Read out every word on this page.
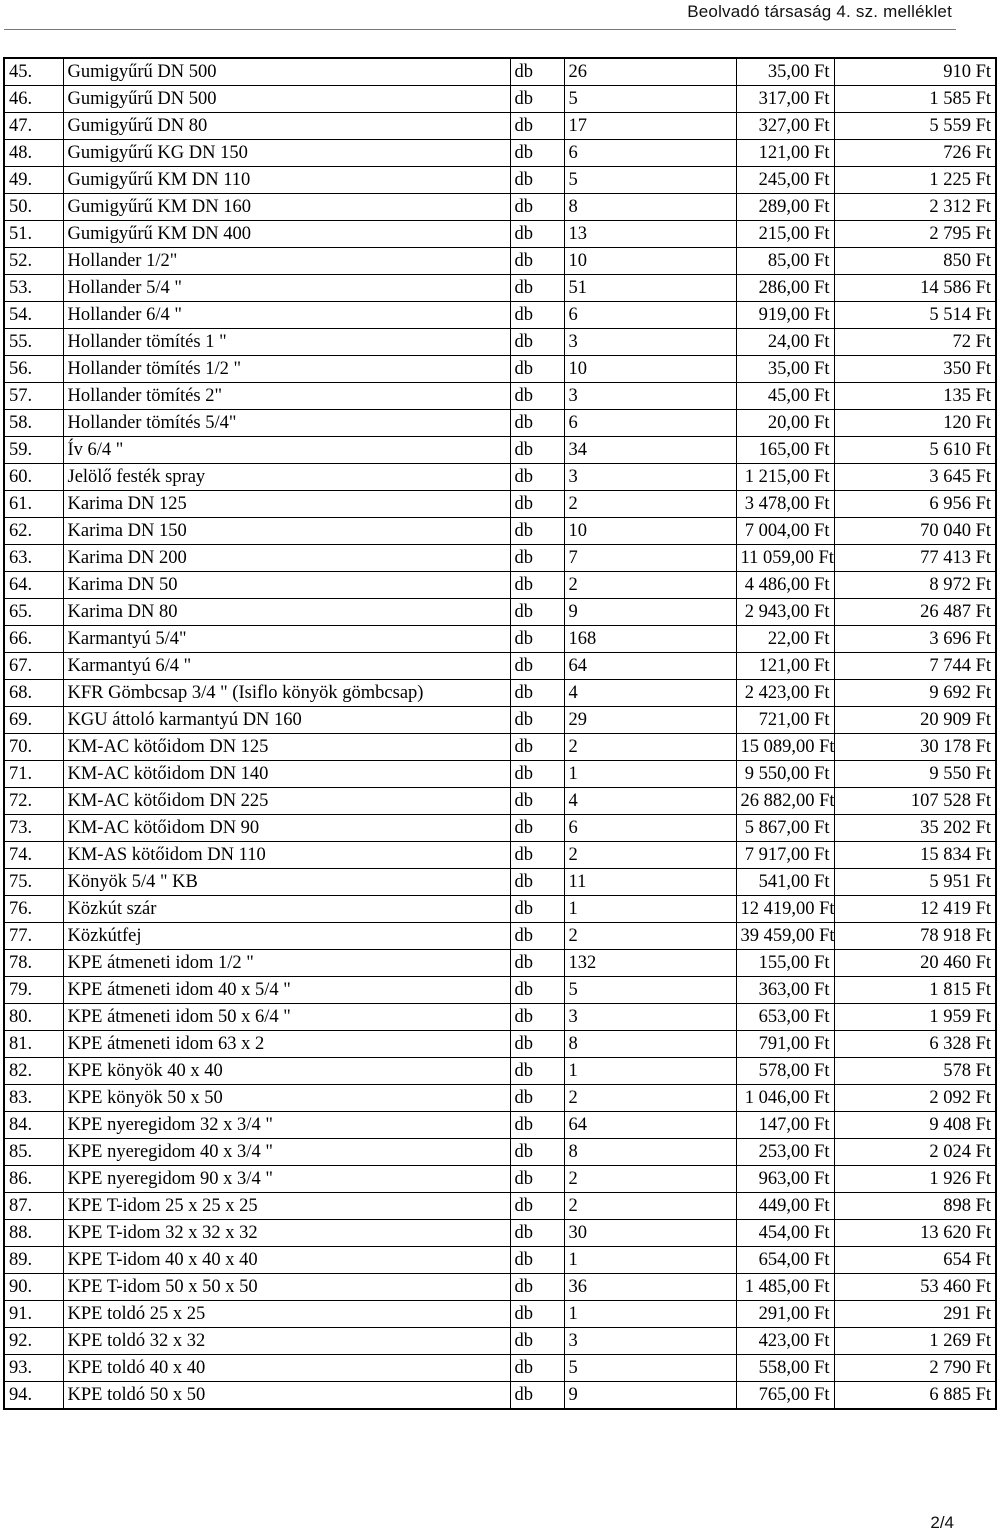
Beolvadó társaság 4. sz. melléklet
45.	Gumigyűrű DN 500	db	26	35,00 Ft	910 Ft
46.	Gumigyűrű DN 500	db	5	317,00 Ft	1 585 Ft
47.	Gumigyűrű DN 80	db	17	327,00 Ft	5 559 Ft
48.	Gumigyűrű KG DN 150	db	6	121,00 Ft	726 Ft
49.	Gumigyűrű KM DN 110	db	5	245,00 Ft	1 225 Ft
50.	Gumigyűrű KM DN 160	db	8	289,00 Ft	2 312 Ft
51.	Gumigyűrű KM DN 400	db	13	215,00 Ft	2 795 Ft
52.	Hollander 1/2"	db	10	85,00 Ft	850 Ft
53.	Hollander 5/4 "	db	51	286,00 Ft	14 586 Ft
54.	Hollander 6/4 "	db	6	919,00 Ft	5 514 Ft
55.	Hollander tömítés 1 "	db	3	24,00 Ft	72 Ft
56.	Hollander tömítés 1/2 "	db	10	35,00 Ft	350 Ft
57.	Hollander tömítés 2"	db	3	45,00 Ft	135 Ft
58.	Hollander tömítés 5/4"	db	6	20,00 Ft	120 Ft
59.	Ív 6/4 "	db	34	165,00 Ft	5 610 Ft
60.	Jelölő festék spray	db	3	1 215,00 Ft	3 645 Ft
61.	Karima DN 125	db	2	3 478,00 Ft	6 956 Ft
62.	Karima DN 150	db	10	7 004,00 Ft	70 040 Ft
63.	Karima DN 200	db	7	11 059,00 Ft	77 413 Ft
64.	Karima DN 50	db	2	4 486,00 Ft	8 972 Ft
65.	Karima DN 80	db	9	2 943,00 Ft	26 487 Ft
66.	Karmantyú 5/4"	db	168	22,00 Ft	3 696 Ft
67.	Karmantyú 6/4 "	db	64	121,00 Ft	7 744 Ft
68.	KFR Gömbcsap 3/4 " (Isiflo könyök gömbcsap)	db	4	2 423,00 Ft	9 692 Ft
69.	KGU áttoló karmantyú DN 160	db	29	721,00 Ft	20 909 Ft
70.	KM-AC kötőidom DN 125	db	2	15 089,00 Ft	30 178 Ft
71.	KM-AC kötőidom DN 140	db	1	9 550,00 Ft	9 550 Ft
72.	KM-AC kötőidom DN 225	db	4	26 882,00 Ft	107 528 Ft
73.	KM-AC kötőidom DN 90	db	6	5 867,00 Ft	35 202 Ft
74.	KM-AS kötőidom DN 110	db	2	7 917,00 Ft	15 834 Ft
75.	Könyök 5/4 " KB	db	11	541,00 Ft	5 951 Ft
76.	Közkút szár	db	1	12 419,00 Ft	12 419 Ft
77.	Közkútfej	db	2	39 459,00 Ft	78 918 Ft
78.	KPE átmeneti idom 1/2 "	db	132	155,00 Ft	20 460 Ft
79.	KPE átmeneti idom 40 x 5/4 "	db	5	363,00 Ft	1 815 Ft
80.	KPE átmeneti idom 50 x 6/4 "	db	3	653,00 Ft	1 959 Ft
81.	KPE átmeneti idom 63 x 2	db	8	791,00 Ft	6 328 Ft
82.	KPE könyök 40 x 40	db	1	578,00 Ft	578 Ft
83.	KPE könyök 50 x 50	db	2	1 046,00 Ft	2 092 Ft
84.	KPE nyeregidom 32 x 3/4 "	db	64	147,00 Ft	9 408 Ft
85.	KPE nyeregidom 40 x 3/4 "	db	8	253,00 Ft	2 024 Ft
86.	KPE nyeregidom 90 x 3/4 "	db	2	963,00 Ft	1 926 Ft
87.	KPE T-idom 25 x 25 x 25	db	2	449,00 Ft	898 Ft
88.	KPE T-idom 32 x 32 x 32	db	30	454,00 Ft	13 620 Ft
89.	KPE T-idom 40 x 40 x 40	db	1	654,00 Ft	654 Ft
90.	KPE T-idom 50 x 50 x 50	db	36	1 485,00 Ft	53 460 Ft
91.	KPE toldó 25 x 25	db	1	291,00 Ft	291 Ft
92.	KPE toldó 32 x 32	db	3	423,00 Ft	1 269 Ft
93.	KPE toldó 40 x 40	db	5	558,00 Ft	2 790 Ft
94.	KPE toldó 50 x 50	db	9	765,00 Ft	6 885 Ft
2/4
